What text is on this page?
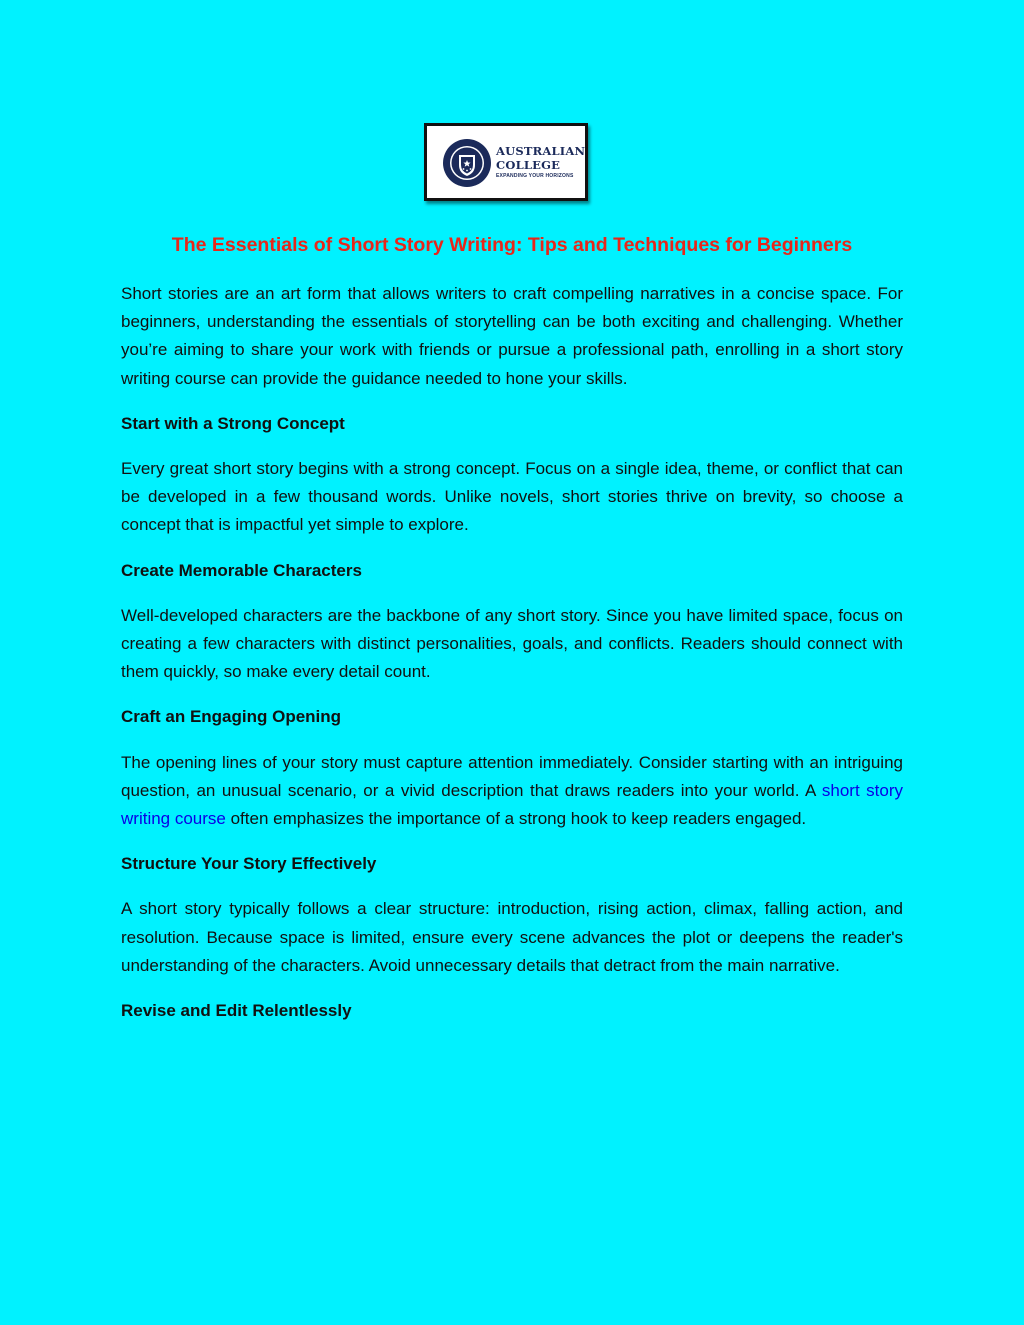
AUSTRALIAN
COLLEGE
EXPANDING YOUR HORIZONS
The Essentials of Short Story Writing: Tips and Techniques for Beginners

Short stories are an art form that allows writers to craft compelling narratives in a concise space. For beginners, understanding the essentials of storytelling can be both exciting and challenging. Whether you’re aiming to share your work with friends or pursue a professional path, enrolling in a short story writing course can provide the guidance needed to hone your skills.

Start with a Strong Concept

Every great short story begins with a strong concept. Focus on a single idea, theme, or conflict that can be developed in a few thousand words. Unlike novels, short stories thrive on brevity, so choose a concept that is impactful yet simple to explore.

Create Memorable Characters

Well-developed characters are the backbone of any short story. Since you have limited space, focus on creating a few characters with distinct personalities, goals, and conflicts. Readers should connect with them quickly, so make every detail count.

Craft an Engaging Opening

The opening lines of your story must capture attention immediately. Consider starting with an intriguing question, an unusual scenario, or a vivid description that draws readers into your world. A short story writing course often emphasizes the importance of a strong hook to keep readers engaged.

Structure Your Story Effectively

A short story typically follows a clear structure: introduction, rising action, climax, falling action, and resolution. Because space is limited, ensure every scene advances the plot or deepens the reader's understanding of the characters. Avoid unnecessary details that detract from the main narrative.

Revise and Edit Relentlessly
